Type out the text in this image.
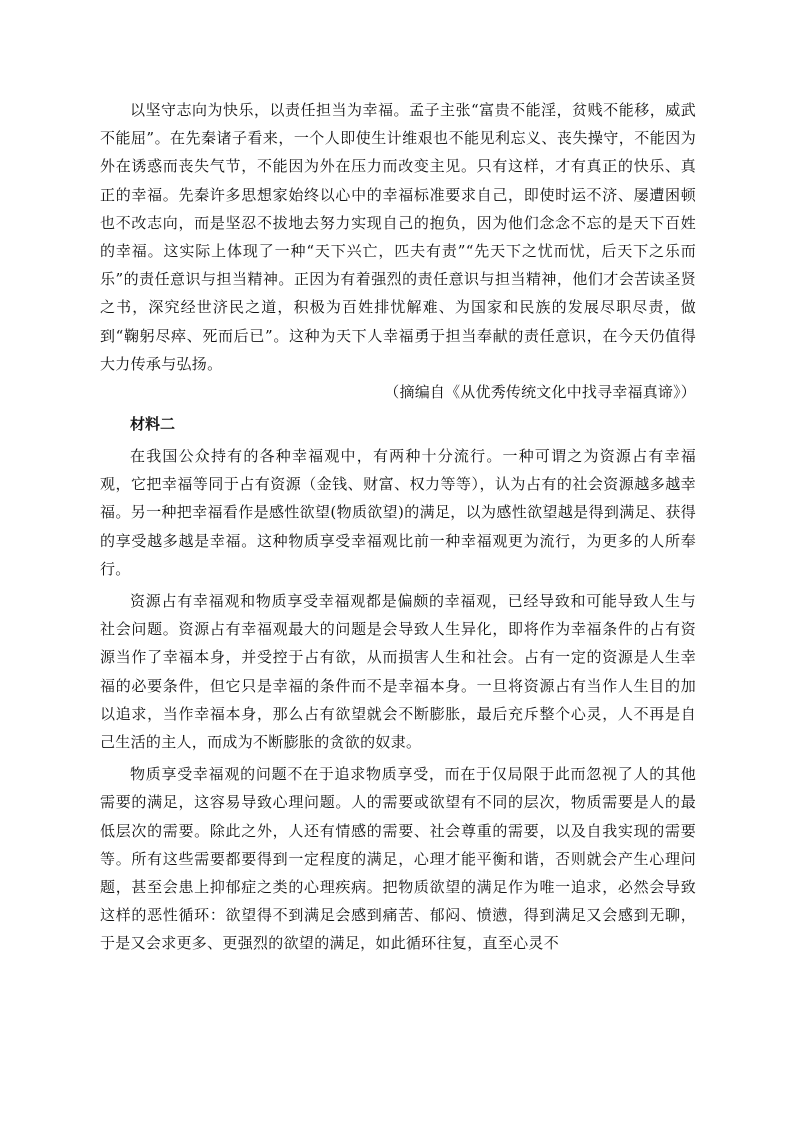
以坚守志向为快乐，以责任担当为幸福。孟子主张“富贵不能淫，贫贱不能移，威武不能屈”。在先秦诸子看来，一个人即使生计维艰也不能见利忘义、丧失操守，不能因为外在诱惑而丧失气节，不能因为外在压力而改变主见。只有这样，才有真正的快乐、真正的幸福。先秦许多思想家始终以心中的幸福标准要求自己，即使时运不济、屡遭困顿也不改志向，而是坚忍不拔地去努力实现自己的抱负，因为他们念念不忘的是天下百姓的幸福。这实际上体现了一种“天下兴亡，匹夫有责”“先天下之忧而忧，后天下之乐而乐”的责任意识与担当精神。正因为有着强烈的责任意识与担当精神，他们才会苦读圣贤之书，深究经世济民之道，积极为百姓排忧解难、为国家和民族的发展尽职尽责，做到“鞠躬尽瘁、死而后已”。这种为天下人幸福勇于担当奉献的责任意识，在今天仍值得大力传承与弘扬。

（摘编自《从优秀传统文化中找寻幸福真谛》）

材料二

在我国公众持有的各种幸福观中，有两种十分流行。一种可谓之为资源占有幸福观，它把幸福等同于占有资源（金钱、财富、权力等等），认为占有的社会资源越多越幸福。另一种把幸福看作是感性欲望(物质欲望)的满足，以为感性欲望越是得到满足、获得的享受越多越是幸福。这种物质享受幸福观比前一种幸福观更为流行，为更多的人所奉行。

资源占有幸福观和物质享受幸福观都是偏颇的幸福观，已经导致和可能导致人生与社会问题。资源占有幸福观最大的问题是会导致人生异化，即将作为幸福条件的占有资源当作了幸福本身，并受控于占有欲，从而损害人生和社会。占有一定的资源是人生幸福的必要条件，但它只是幸福的条件而不是幸福本身。一旦将资源占有当作人生目的加以追求，当作幸福本身，那么占有欲望就会不断膨胀，最后充斥整个心灵，人不再是自己生活的主人，而成为不断膨胀的贪欲的奴隶。

物质享受幸福观的问题不在于追求物质享受，而在于仅局限于此而忽视了人的其他需要的满足，这容易导致心理问题。人的需要或欲望有不同的层次，物质需要是人的最低层次的需要。除此之外，人还有情感的需要、社会尊重的需要，以及自我实现的需要等。所有这些需要都要得到一定程度的满足，心理才能平衡和谐，否则就会产生心理问题，甚至会患上抑郁症之类的心理疾病。把物质欲望的满足作为唯一追求，必然会导致这样的恶性循环：欲望得不到满足会感到痛苦、郁闷、愤懑，得到满足又会感到无聊，于是又会求更多、更强烈的欲望的满足，如此循环往复，直至心灵不
